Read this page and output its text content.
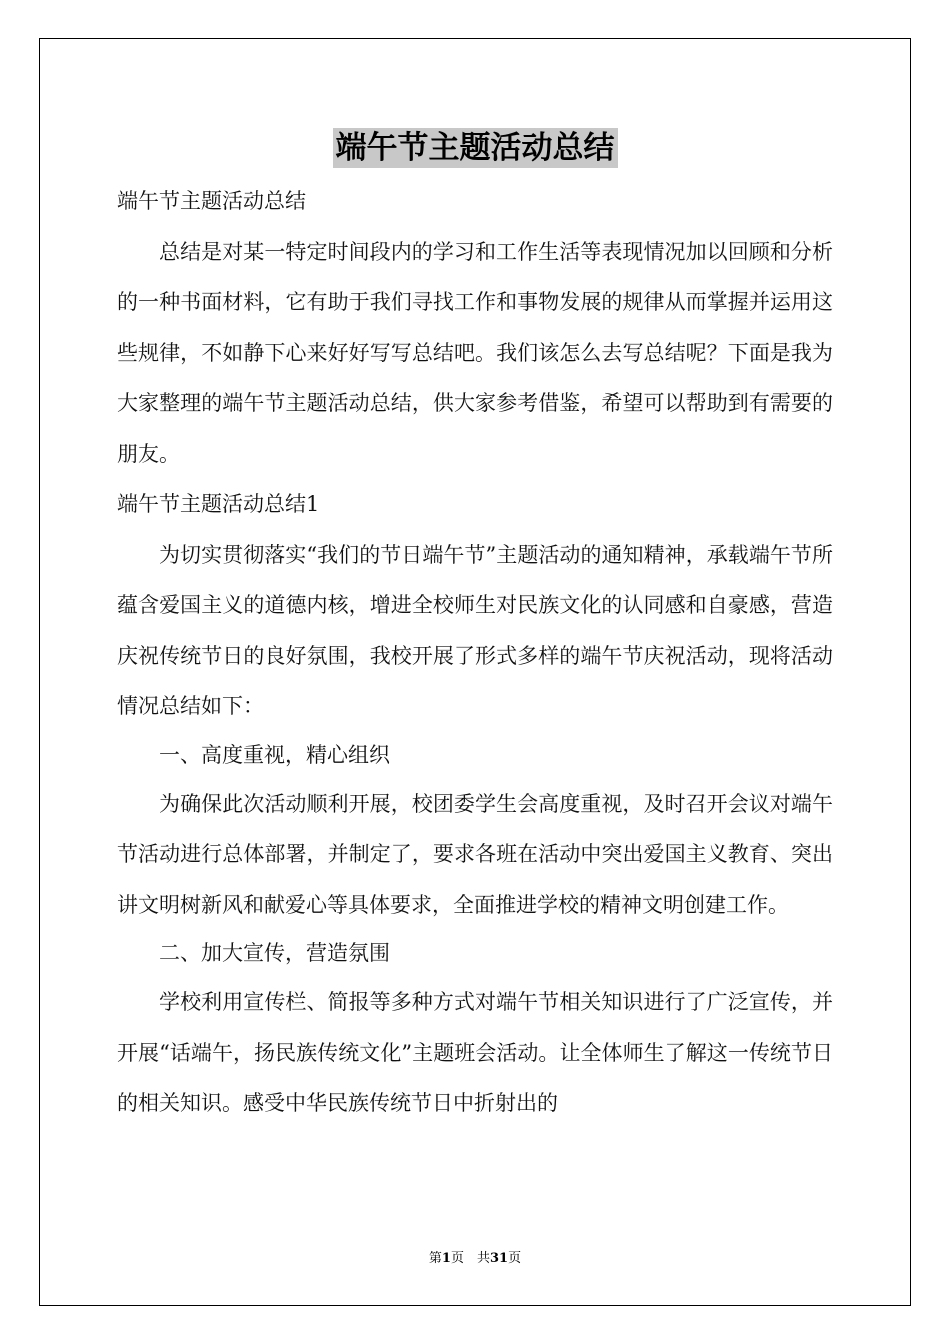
端午节主题活动总结

端午节主题活动总结

总结是对某一特定时间段内的学习和工作生活等表现情况加以回顾和分析的一种书面材料，它有助于我们寻找工作和事物发展的规律从而掌握并运用这些规律，不如静下心来好好写写总结吧。我们该怎么去写总结呢？下面是我为大家整理的端午节主题活动总结，供大家参考借鉴，希望可以帮助到有需要的朋友。

端午节主题活动总结1

为切实贯彻落实“我们的节日端午节”主题活动的通知精神，承载端午节所蕴含爱国主义的道德内核，增进全校师生对民族文化的认同感和自豪感，营造庆祝传统节日的良好氛围，我校开展了形式多样的端午节庆祝活动，现将活动情况总结如下：

一、高度重视，精心组织

为确保此次活动顺利开展，校团委学生会高度重视，及时召开会议对端午节活动进行总体部署，并制定了，要求各班在活动中突出爱国主义教育、突出讲文明树新风和献爱心等具体要求，全面推进学校的精神文明创建工作。

二、加大宣传，营造氛围

学校利用宣传栏、简报等多种方式对端午节相关知识进行了广泛宣传，并开展“话端午，扬民族传统文化”主题班会活动。让全体师生了解这一传统节日的相关知识。感受中华民族传统节日中折射出的

第1页　共31页
